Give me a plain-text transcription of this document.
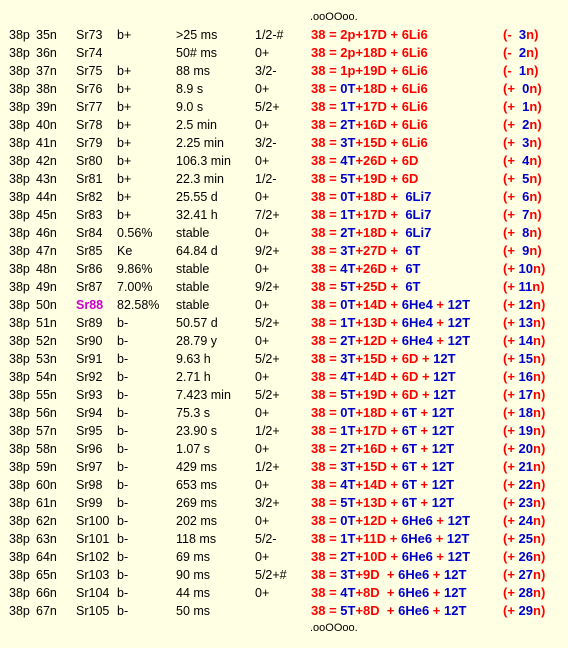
.ooOOoo.
38p 35n Sr73 b+	>25 ms	1/2-# 38 = 2p+17D + 6Li6	(-  3n)
38p 36n Sr74	50# ms	0+	38 = 2p+18D + 6Li6	(-  2n)
38p 37n Sr75 b+	88 ms	3/2-	38 = 1p+19D + 6Li6	(-  1n)
38p 38n Sr76 b+	8.9 s	0+	38 = 0T+18D + 6Li6	(+  0n)
38p 39n Sr77 b+	9.0 s	5/2+ 38 = 1T+17D + 6Li6	(+  1n)
38p 40n Sr78 b+	2.5 min	0+	38 = 2T+16D + 6Li6	(+  2n)
38p 41n Sr79 b+	2.25 min 3/2-	38 = 3T+15D + 6Li6	(+  3n)
38p 42n Sr80 b+	106.3 min 0+	38 = 4T+26D + 6D	(+  4n)
38p 43n Sr81 b+	22.3 min 1/2-	38 = 5T+19D + 6D	(+  5n)
38p 44n Sr82 b+	25.55 d	0+	38 = 0T+18D +  6Li7	(+  6n)
38p 45n Sr83 b+	32.41 h	7/2+ 38 = 1T+17D +  6Li7	(+  7n)
38p 46n Sr84 0.56% stable	0+	38 = 2T+18D +  6Li7	(+  8n)
38p 47n Sr85 Ke	64.84 d	9/2+ 38 = 3T+27D +  6T	(+  9n)
38p 48n Sr86 9.86% stable	0+	38 = 4T+26D +  6T	(+ 10n)
38p 49n Sr87 7.00% stable	9/2+ 38 = 5T+25D +  6T	(+ 11n)
38p 50n Sr88 82.58% stable	0+	38 = 0T+14D + 6He4 + 12T	(+ 12n)
38p 51n Sr89 b-	50.57 d	5/2+ 38 = 1T+13D + 6He4 + 12T	(+ 13n)
38p 52n Sr90 b-	28.79 y	0+	38 = 2T+12D + 6He4 + 12T	(+ 14n)
38p 53n Sr91 b-	9.63 h	5/2+ 38 = 3T+15D + 6D + 12T	(+ 15n)
38p 54n Sr92 b-	2.71 h	0+	38 = 4T+14D + 6D + 12T	(+ 16n)
38p 55n Sr93 b-	7.423 min 5/2+ 38 = 5T+19D + 6D + 12T	(+ 17n)
38p 56n Sr94 b-	75.3 s	0+	38 = 0T+18D + 6T + 12T	(+ 18n)
38p 57n Sr95 b-	23.90 s	1/2+ 38 = 1T+17D + 6T + 12T	(+ 19n)
38p 58n Sr96 b-	1.07 s	0+	38 = 2T+16D + 6T + 12T	(+ 20n)
38p 59n Sr97 b-	429 ms	1/2+ 38 = 3T+15D + 6T + 12T	(+ 21n)
38p 60n Sr98 b-	653 ms	0+	38 = 4T+14D + 6T + 12T	(+ 22n)
38p 61n Sr99 b-	269 ms	3/2+ 38 = 5T+13D + 6T + 12T	(+ 23n)
38p 62n Sr100 b-	202 ms	0+	38 = 0T+12D + 6He6 + 12T	(+ 24n)
38p 63n Sr101 b-	118 ms	5/2-	38 = 1T+11D + 6He6 + 12T	(+ 25n)
38p 64n Sr102 b-	69 ms	0+	38 = 2T+10D + 6He6 + 12T	(+ 26n)
38p 65n Sr103 b-	90 ms	5/2+# 38 = 3T+9D  + 6He6 + 12T	(+ 27n)
38p 66n Sr104 b-	44 ms	0+	38 = 4T+8D  + 6He6 + 12T	(+ 28n)
38p 67n Sr105 b-	50 ms	38 = 5T+8D  + 6He6 + 12T	(+ 29n)
.ooOOoo.
